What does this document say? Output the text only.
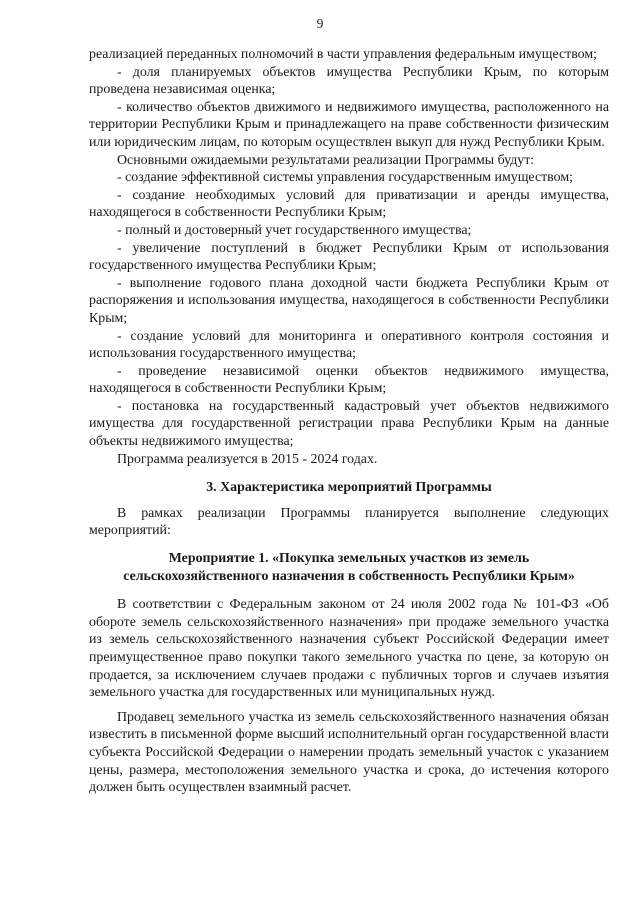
9

реализацией переданных полномочий в части управления федеральным имуществом;

- доля планируемых объектов имущества Республики Крым, по которым проведена независимая оценка;

- количество объектов движимого и недвижимого имущества, расположенного на территории Республики Крым и принадлежащего на праве собственности физическим или юридическим лицам, по которым осуществлен выкуп для нужд Республики Крым.

Основными ожидаемыми результатами реализации Программы будут:

- создание эффективной системы управления государственным имуществом;

- создание необходимых условий для приватизации и аренды имущества, находящегося в собственности Республики Крым;

- полный и достоверный учет государственного имущества;

- увеличение поступлений в бюджет Республики Крым от использования государственного имущества Республики Крым;

- выполнение годового плана доходной части бюджета Республики Крым от распоряжения и использования имущества, находящегося в собственности Республики Крым;

- создание условий для мониторинга и оперативного контроля состояния и использования государственного имущества;

- проведение независимой оценки объектов недвижимого имущества, находящегося в собственности Республики Крым;

- постановка на государственный кадастровый учет объектов недвижимого имущества для государственной регистрации права Республики Крым на данные объекты недвижимого имущества;

Программа реализуется в 2015 - 2024 годах.

3. Характеристика мероприятий Программы

В рамках реализации Программы планируется выполнение следующих мероприятий:

Мероприятие 1. «Покупка земельных участков из земель
сельскохозяйственного назначения в собственность Республики Крым»

В соответствии с Федеральным законом от 24 июля 2002 года № 101-ФЗ «Об обороте земель сельскохозяйственного назначения» при продаже земельного участка из земель сельскохозяйственного назначения субъект Российской Федерации имеет преимущественное право покупки такого земельного участка по цене, за которую он продается, за исключением случаев продажи с публичных торгов и случаев изъятия земельного участка для государственных или муниципальных нужд.

Продавец земельного участка из земель сельскохозяйственного назначения обязан известить в письменной форме высший исполнительный орган государственной власти субъекта Российской Федерации о намерении продать земельный участок с указанием цены, размера, местоположения земельного участка и срока, до истечения которого должен быть осуществлен взаимный расчет.
